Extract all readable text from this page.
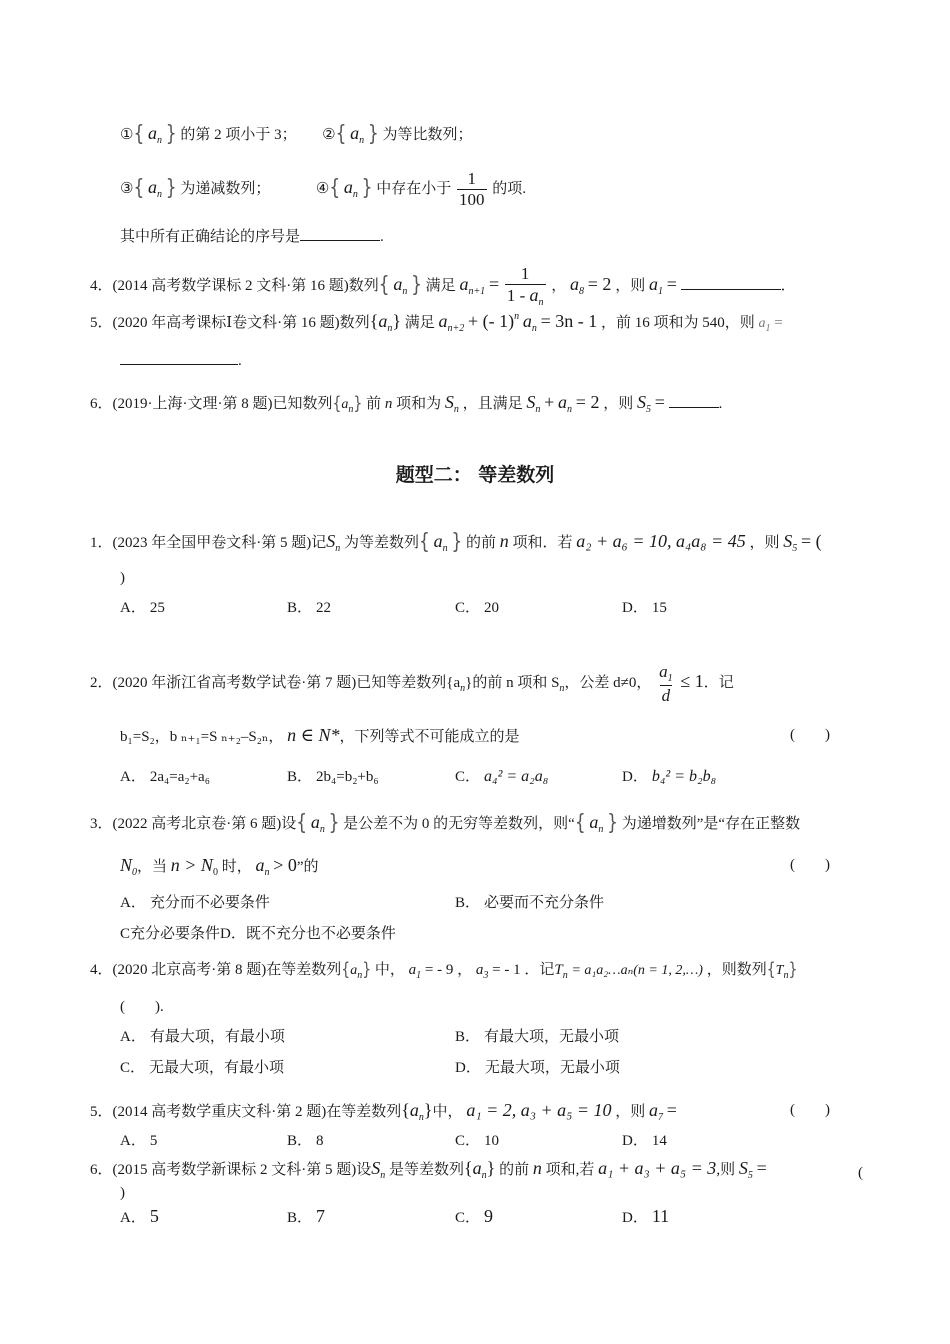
①{ $a_n$ } 的第 2 项小于 3； ②{ $a_n$ } 为等比数列；
③{ $a_n$ } 为递减数列；	④{ $a_n$ } 中存在小于 $\frac{1}{100}$ 的项.
其中所有正确结论的序号是	.
4．(2014 高考数学课标 2 文科·第 16 题)数列{ $a_n$ } 满足 $a_{n+1} = \frac{1}{1 - a_n}$ ， $a_8 = 2$ ，则 $a_1$ =	．
5．(2020 年高考课标Ⅰ卷文科·第 16 题)数列$\{a_n\}$ 满足 $a_{n+2}$ + (- 1)$^n$ $a_n = 3n - 1$ ，前 16 项和为 540，则 $a_1$ =
.
6．(2019·上海·文理·第 8 题)已知数列$\{a_n\}$ 前 n 项和为 $S_n$ ，且满足 $S_n + a_n = 2$ ，则 $S_5$ =	.
题型二： 等差数列
1．(2023 年全国甲卷文科·第 5 题)记$S_n$ 为等差数列{ $a_n$ } 的前 n 项和．若 a₂ + a₆ = 10, a₄a₈ = 45 ，则 $S_5$ = (
)
A． 25	B． 22	C． 20	D． 15
2．(2020 年浙江省高考数学试卷·第 7 题)已知等差数列$\{a_n\}$的前 n 项和 $S_n$，公差 d≠0， $\frac{a_1}{d} \le 1$．记
b₁=S₂，b ₙ₊₁=S ₙ₊₂–S₂ₙ， n ∈ N*，下列等式不可能成立的是	(　　)
A． 2a₄=a₂+a₆	B． 2b₄=b₂+b₆	C． a₄² = a₂a₈	D． b₄² = b₂b₈
3．(2022 高考北京卷·第 6 题)设{ $a_n$ } 是公差不为 0 的无穷等差数列，则“{ $a_n$ } 为递增数列”是“存在正整数
$N_0$，当 $n > N_0$ 时， $a_n > 0$”的	(　　)
A． 充分而不必要条件	B． 必要而不充分条件
C充分必要条件D．既不充分也不必要条件
4．(2020 北京高考·第 8 题)在等差数列$\{a_n\}$ 中， $a_1$ = - 9 ， $a_3$ = - 1 ．记$T_n$ = a₁a₂…aₙ(n = 1, 2,…) ，则数列$\{T_n\}$
(　　).
A． 有最大项，有最小项	B． 有最大项，无最小项
C． 无最大项，有最小项	D． 无最大项，无最小项
5．(2014 高考数学重庆文科·第 2 题)在等差数列$\{a_n\}$中， a₁ = 2, a₃ + a₅ = 10 ，则 $a_7$ =	(　　)
A． 5	B． 8	C． 10	D． 14
6．(2015 高考数学新课标 2 文科·第 5 题)设$S_n$ 是等差数列$\{a_n\}$ 的前 n 项和,若 a₁ + a₃ + a₅ = 3,则 $S_5$ =	(
)
A． 5	B． 7	C． 9	D． 11
